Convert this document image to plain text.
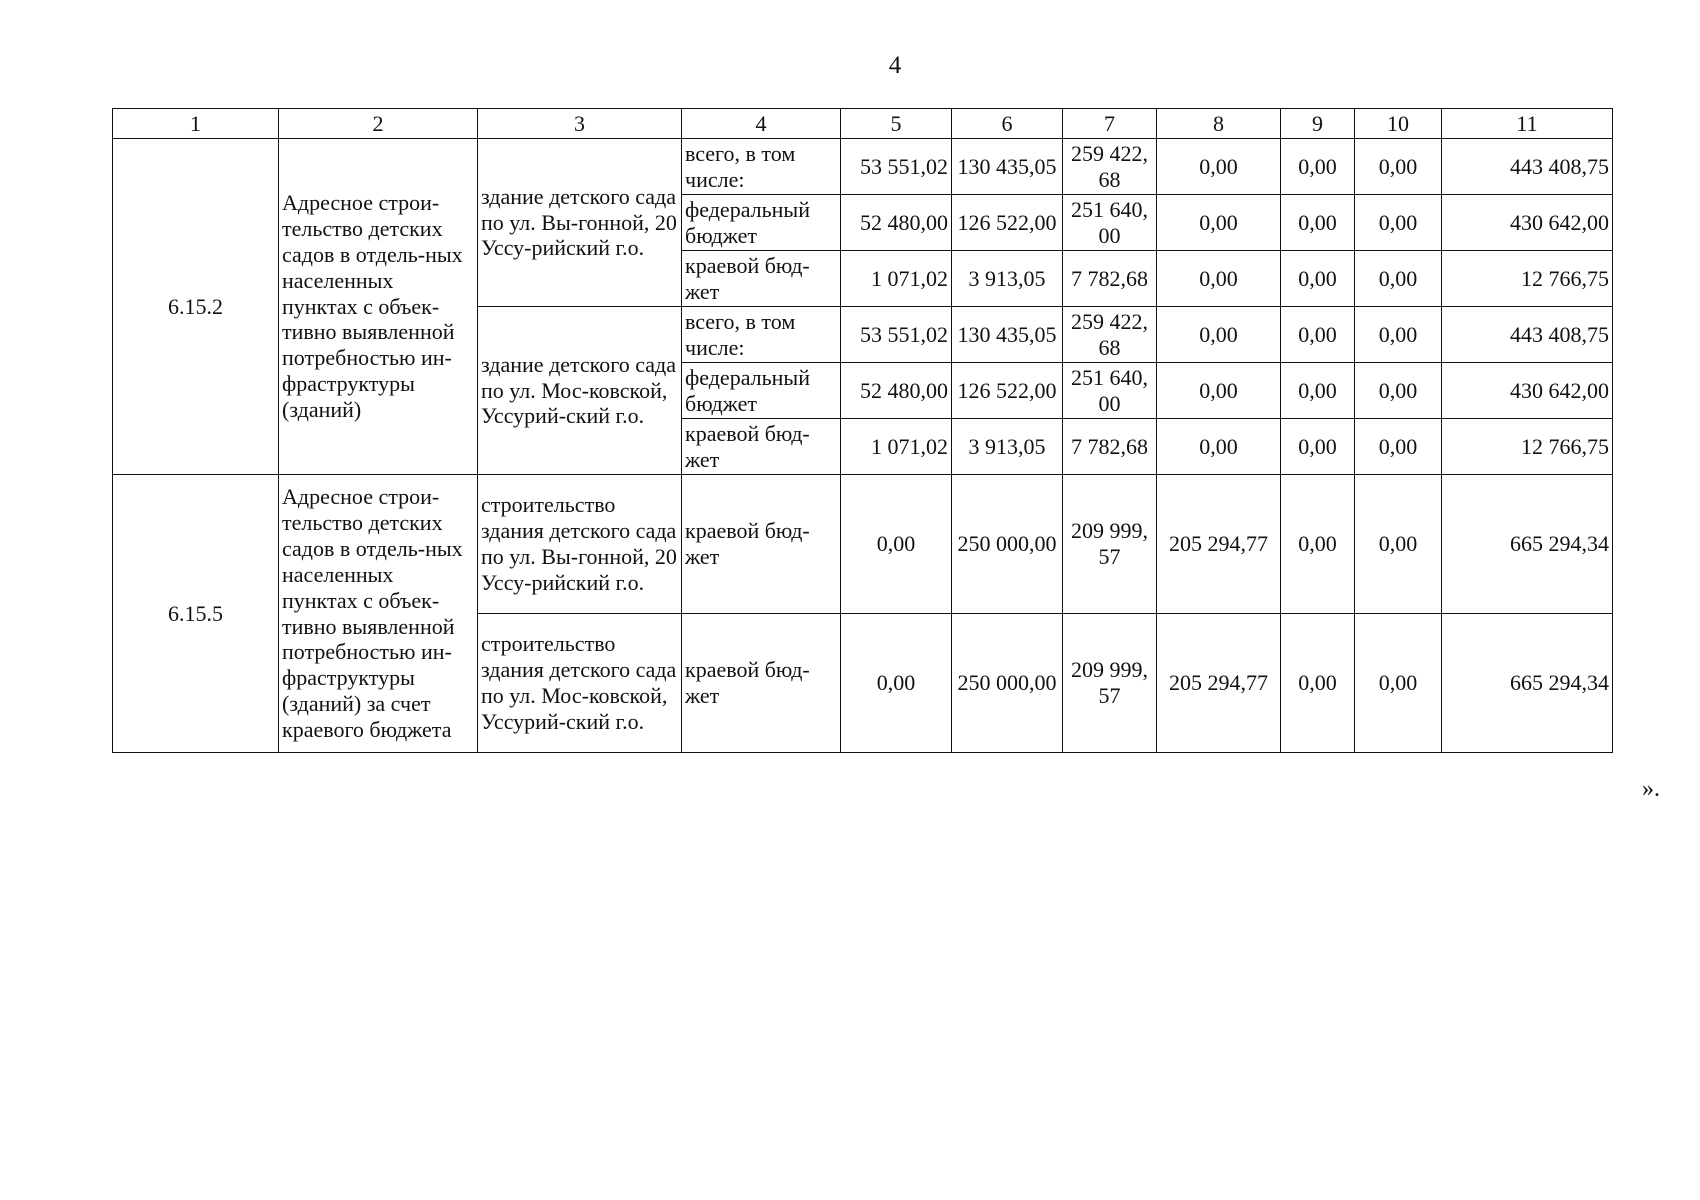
4
1	2	3	4	5	6	7	8	9	10	11
6.15.2	Адресное строи-тельство детских садов в отдель-ных населенных пунктах с объек-тивно выявленной потребностью ин-фраструктуры (зданий)	здание детского сада по ул. Вы-гонной, 20 Уссу-рийский г.о.	всего, в том числе:	53 551,02	130 435,05	259 422,68	0,00	0,00	0,00	443 408,75
			федеральный бюджет	52 480,00	126 522,00	251 640,00	0,00	0,00	0,00	430 642,00
			краевой бюд-жет	1 071,02	3 913,05	7 782,68	0,00	0,00	0,00	12 766,75
		здание детского сада по ул. Мос-ковской, Уссурий-ский г.о.	всего, в том числе:	53 551,02	130 435,05	259 422,68	0,00	0,00	0,00	443 408,75
			федеральный бюджет	52 480,00	126 522,00	251 640,00	0,00	0,00	0,00	430 642,00
			краевой бюд-жет	1 071,02	3 913,05	7 782,68	0,00	0,00	0,00	12 766,75
6.15.5	Адресное строи-тельство детских садов в отдель-ных населенных пунктах с объек-тивно выявленной потребностью ин-фраструктуры (зданий) за счет краевого бюджета	строительство здания детского сада по ул. Вы-гонной, 20 Уссу-рийский г.о.	краевой бюд-жет	0,00	250 000,00	209 999,57	205 294,77	0,00	0,00	665 294,34
		строительство здания детского сада по ул. Мос-ковской, Уссурий-ский г.о.	краевой бюд-жет	0,00	250 000,00	209 999,57	205 294,77	0,00	0,00	665 294,34
».
